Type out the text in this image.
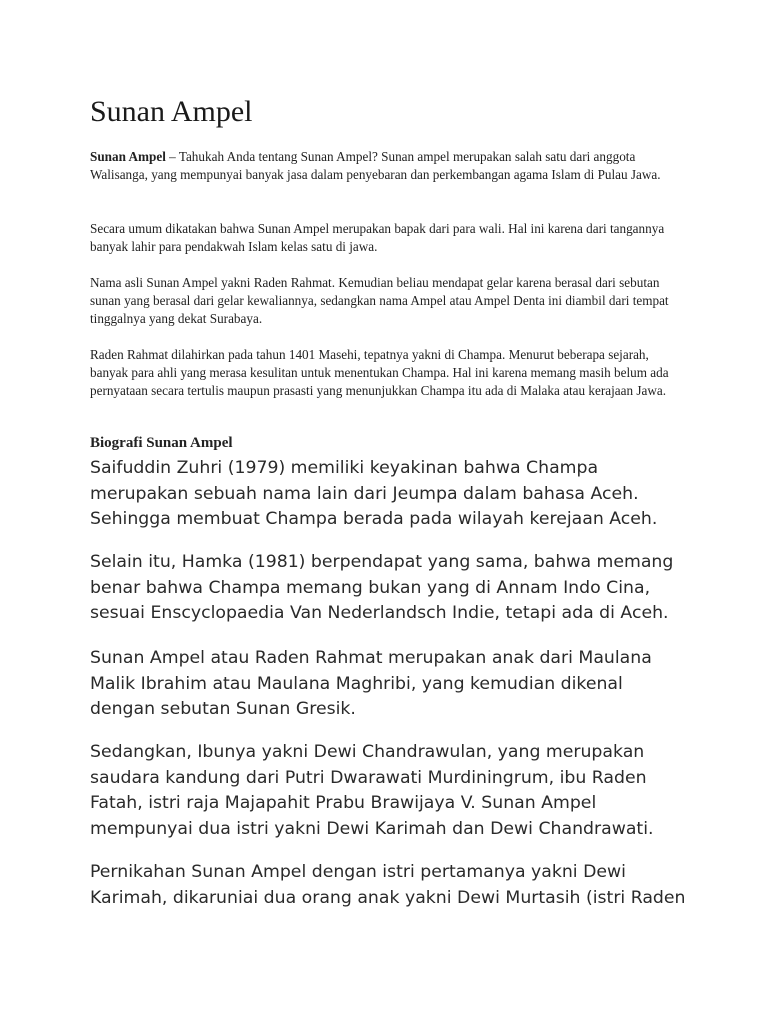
Sunan Ampel

Sunan Ampel – Tahukah Anda tentang Sunan Ampel? Sunan ampel merupakan salah satu dari anggota Walisanga, yang mempunyai banyak jasa dalam penyebaran dan perkembangan agama Islam di Pulau Jawa.

Secara umum dikatakan bahwa Sunan Ampel merupakan bapak dari para wali. Hal ini karena dari tangannya banyak lahir para pendakwah Islam kelas satu di jawa.

Nama asli Sunan Ampel yakni Raden Rahmat. Kemudian beliau mendapat gelar karena berasal dari sebutan sunan yang berasal dari gelar kewaliannya, sedangkan nama Ampel atau Ampel Denta ini diambil dari tempat tinggalnya yang dekat Surabaya.

Raden Rahmat dilahirkan pada tahun 1401 Masehi, tepatnya yakni di Champa. Menurut beberapa sejarah, banyak para ahli yang merasa kesulitan untuk menentukan Champa. Hal ini karena memang masih belum ada pernyataan secara tertulis maupun prasasti yang menunjukkan Champa itu ada di Malaka atau kerajaan Jawa.

Biografi Sunan Ampel

Saifuddin Zuhri (1979) memiliki keyakinan bahwa Champa merupakan sebuah nama lain dari Jeumpa dalam bahasa Aceh. Sehingga membuat Champa berada pada wilayah kerejaan Aceh.

Selain itu, Hamka (1981) berpendapat yang sama, bahwa memang benar bahwa Champa memang bukan yang di Annam Indo Cina, sesuai Enscyclopaedia Van Nederlandsch Indie, tetapi ada di Aceh.

Sunan Ampel atau Raden Rahmat merupakan anak dari Maulana Malik Ibrahim atau Maulana Maghribi, yang kemudian dikenal dengan sebutan Sunan Gresik.

Sedangkan, Ibunya yakni Dewi Chandrawulan, yang merupakan saudara kandung dari Putri Dwarawati Murdiningrum, ibu Raden Fatah, istri raja Majapahit Prabu Brawijaya V. Sunan Ampel mempunyai dua istri yakni Dewi Karimah dan Dewi Chandrawati.

Pernikahan Sunan Ampel dengan istri pertamanya yakni Dewi Karimah, dikaruniai dua orang anak yakni Dewi Murtasih (istri Raden
